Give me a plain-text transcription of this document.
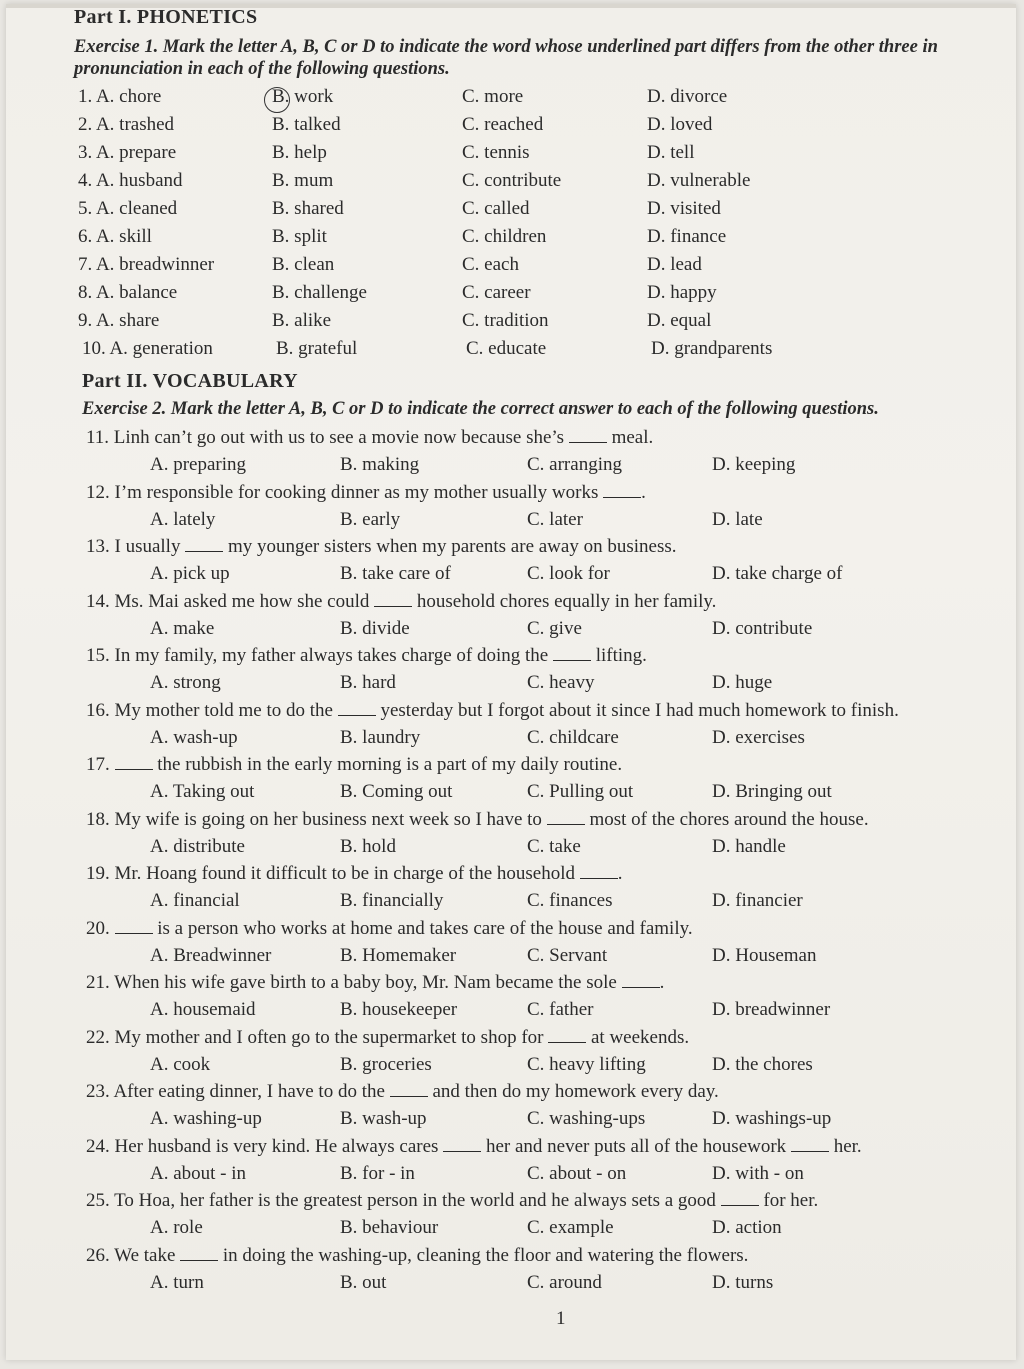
Part I. PHONETICS
Exercise 1. Mark the letter A, B, C or D to indicate the word whose underlined part differs from the other three in pronunciation in each of the following questions.
1. A. chore	B. work	C. more	D. divorce
2. A. trashed	B. talked	C. reached	D. loved
3. A. prepare	B. help	C. tennis	D. tell
4. A. husband	B. mum	C. contribute	D. vulnerable
5. A. cleaned	B. shared	C. called	D. visited
6. A. skill	B. split	C. children	D. finance
7. A. breadwinner	B. clean	C. each	D. lead
8. A. balance	B. challenge	C. career	D. happy
9. A. share	B. alike	C. tradition	D. equal
10. A. generation	B. grateful	C. educate	D. grandparents
Part II. VOCABULARY
Exercise 2. Mark the letter A, B, C or D to indicate the correct answer to each of the following questions.
11. Linh can’t go out with us to see a movie now because she’s  meal.
A. preparing	B. making	C. arranging	D. keeping
12. I’m responsible for cooking dinner as my mother usually works .
A. lately	B. early	C. later	D. late
13. I usually  my younger sisters when my parents are away on business.
A. pick up	B. take care of	C. look for	D. take charge of
14. Ms. Mai asked me how she could  household chores equally in her family.
A. make	B. divide	C. give	D. contribute
15. In my family, my father always takes charge of doing the  lifting.
A. strong	B. hard	C. heavy	D. huge
16. My mother told me to do the  yesterday but I forgot about it since I had much homework to finish.
A. wash-up	B. laundry	C. childcare	D. exercises
17.  the rubbish in the early morning is a part of my daily routine.
A. Taking out	B. Coming out	C. Pulling out	D. Bringing out
18. My wife is going on her business next week so I have to  most of the chores around the house.
A. distribute	B. hold	C. take	D. handle
19. Mr. Hoang found it difficult to be in charge of the household .
A. financial	B. financially	C. finances	D. financier
20.  is a person who works at home and takes care of the house and family.
A. Breadwinner	B. Homemaker	C. Servant	D. Houseman
21. When his wife gave birth to a baby boy, Mr. Nam became the sole .
A. housemaid	B. housekeeper	C. father	D. breadwinner
22. My mother and I often go to the supermarket to shop for  at weekends.
A. cook	B. groceries	C. heavy lifting	D. the chores
23. After eating dinner, I have to do the  and then do my homework every day.
A. washing-up	B. wash-up	C. washing-ups	D. washings-up
24. Her husband is very kind. He always cares  her and never puts all of the housework  her.
A. about - in	B. for - in	C. about - on	D. with - on
25. To Hoa, her father is the greatest person in the world and he always sets a good  for her.
A. role	B. behaviour	C. example	D. action
26. We take  in doing the washing-up, cleaning the floor and watering the flowers.
A. turn	B. out	C. around	D. turns
1
